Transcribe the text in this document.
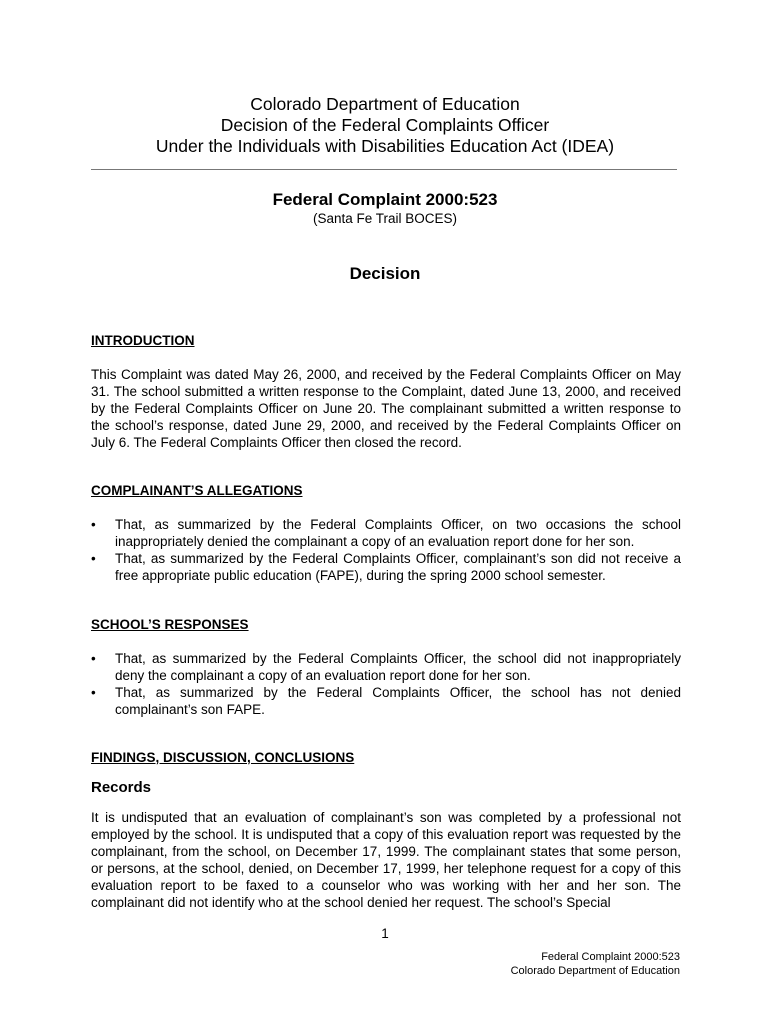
Colorado Department of Education
Decision of the Federal Complaints Officer
Under the Individuals with Disabilities Education Act (IDEA)
Federal Complaint 2000:523
(Santa Fe Trail BOCES)
Decision
INTRODUCTION

This Complaint was dated May 26, 2000, and received by the Federal Complaints Officer on May 31. The school submitted a written response to the Complaint, dated June 13, 2000, and received by the Federal Complaints Officer on June 20. The complainant submitted a written response to the school’s response, dated June 29, 2000, and received by the Federal Complaints Officer on July 6. The Federal Complaints Officer then closed the record.

COMPLAINANT’S ALLEGATIONS
• That, as summarized by the Federal Complaints Officer, on two occasions the school inappropriately denied the complainant a copy of an evaluation report done for her son.
• That, as summarized by the Federal Complaints Officer, complainant’s son did not receive a free appropriate public education (FAPE), during the spring 2000 school semester.
SCHOOL’S RESPONSES
• That, as summarized by the Federal Complaints Officer, the school did not inappropriately deny the complainant a copy of an evaluation report done for her son.
• That, as summarized by the Federal Complaints Officer, the school has not denied complainant’s son FAPE.
FINDINGS, DISCUSSION, CONCLUSIONS
Records

It is undisputed that an evaluation of complainant’s son was completed by a professional not employed by the school. It is undisputed that a copy of this evaluation report was requested by the complainant, from the school, on December 17, 1999. The complainant states that some person, or persons, at the school, denied, on December 17, 1999, her telephone request for a copy of this evaluation report to be faxed to a counselor who was working with her and her son. The complainant did not identify who at the school denied her request. The school’s Special

1
Federal Complaint 2000:523
Colorado Department of Education
